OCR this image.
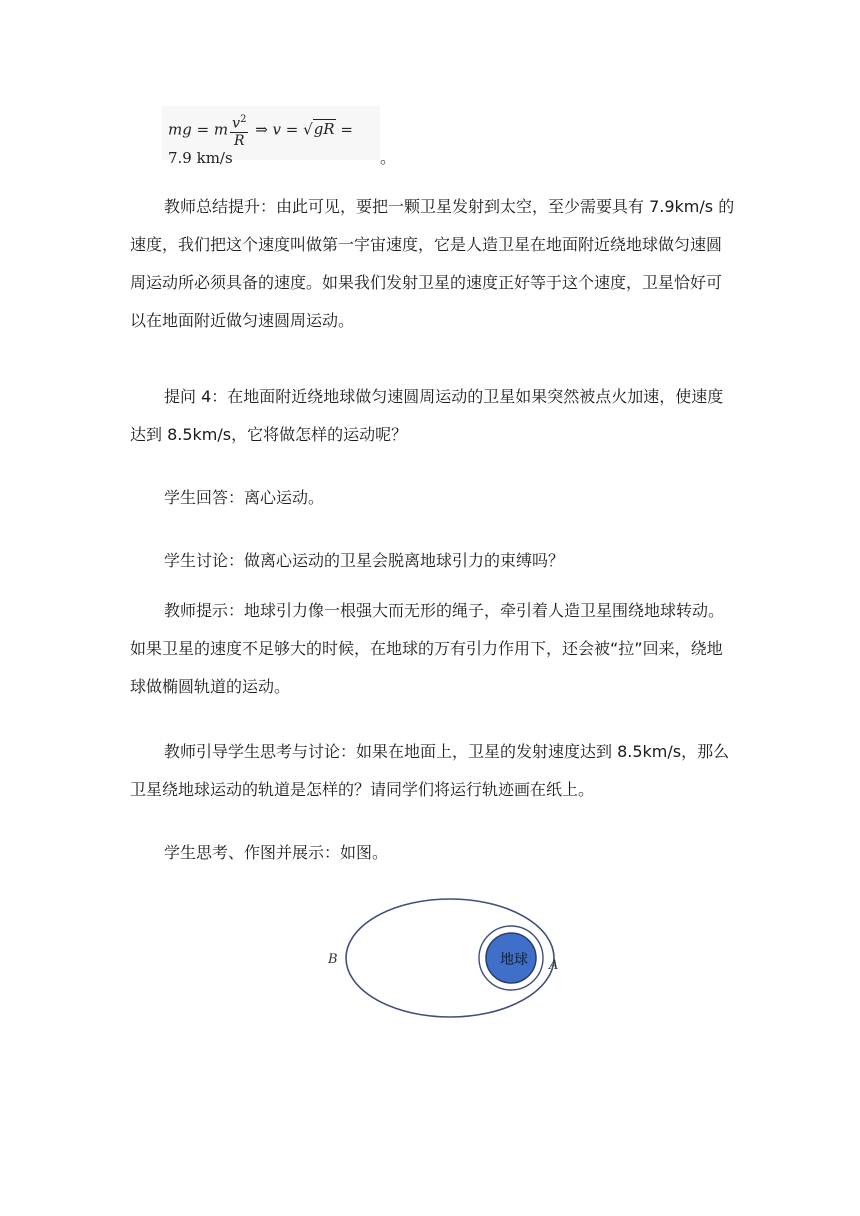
mg = m $\frac{v^2}{R}$ ⇒ v = √gR = 7.9 km/s	。

教师总结提升：由此可见，要把一颗卫星发射到太空，至少需要具有 7.9km/s 的速度，我们把这个速度叫做第一宇宙速度，它是人造卫星在地面附近绕地球做匀速圆周运动所必须具备的速度。如果我们发射卫星的速度正好等于这个速度，卫星恰好可以在地面附近做匀速圆周运动。

提问 4：在地面附近绕地球做匀速圆周运动的卫星如果突然被点火加速，使速度达到 8.5km/s，它将做怎样的运动呢？

学生回答：离心运动。

学生讨论：做离心运动的卫星会脱离地球引力的束缚吗？

教师提示：地球引力像一根强大而无形的绳子，牵引着人造卫星围绕地球转动。如果卫星的速度不足够大的时候，在地球的万有引力作用下，还会被“拉”回来，绕地球做椭圆轨道的运动。

教师引导学生思考与讨论：如果在地面上，卫星的发射速度达到 8.5km/s，那么卫星绕地球运动的轨道是怎样的？请同学们将运行轨迹画在纸上。

学生思考、作图并展示：如图。

地球
B	A
